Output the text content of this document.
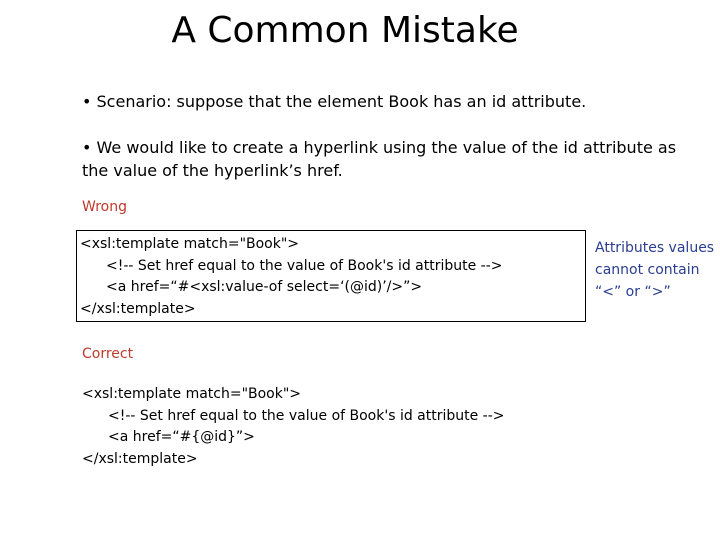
A Common Mistake
• Scenario: suppose that the element Book has an id attribute.
• We would like to create a hyperlink using the value of the id attribute as the value of the hyperlink’s href.
Wrong
<xsl:template match="Book">
<!-- Set href equal to the value of Book's id attribute -->
<a href=“#<xsl:value-of select=‘(@id)’/>”>
</xsl:template>
Attributes values
cannot contain
“<” or “>”
Correct
<xsl:template match="Book">
<!-- Set href equal to the value of Book's id attribute -->
<a href=“#{@id}”>
</xsl:template>
